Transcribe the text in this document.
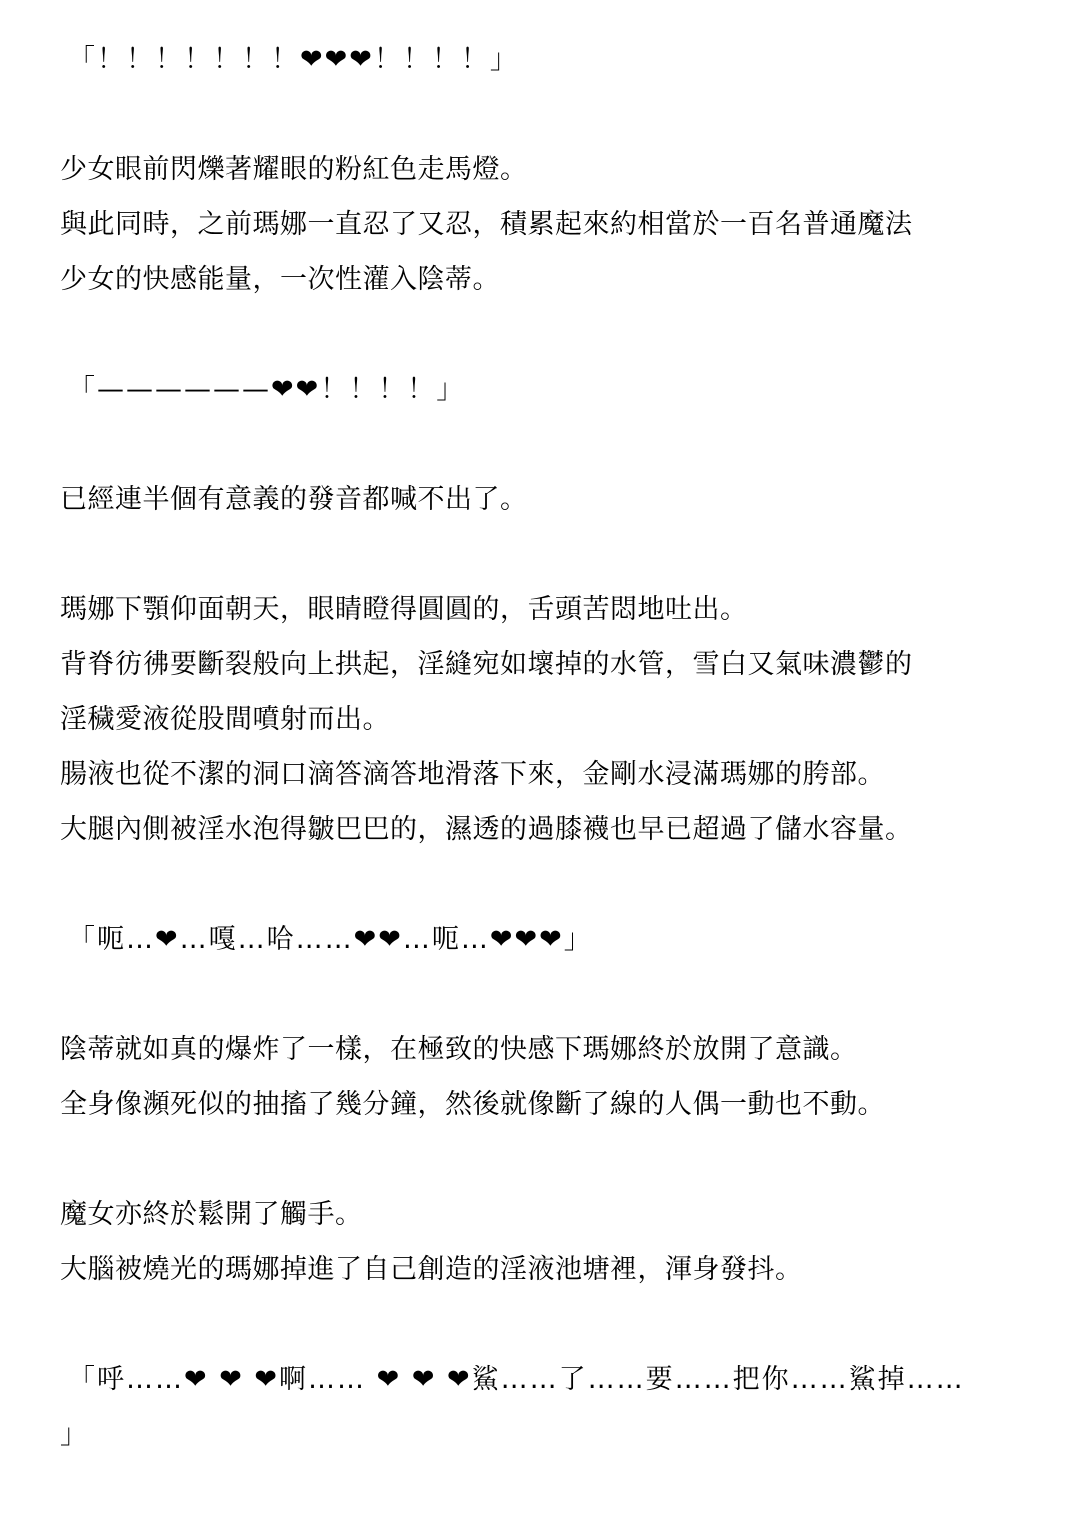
「！！！！！！！❤❤❤！！！！」
少女眼前閃爍著耀眼的粉紅色走馬燈。
與此同時，之前瑪娜一直忍了又忍，積累起來約相當於一百名普通魔法
少女的快感能量，一次性灌入陰蒂。
「——————❤❤！！！！」
已經連半個有意義的發音都喊不出了。
瑪娜下顎仰面朝天，眼睛瞪得圓圓的，舌頭苦悶地吐出。
背脊彷彿要斷裂般向上拱起，淫縫宛如壞掉的水管，雪白又氣味濃鬱的
淫穢愛液從股間噴射而出。
腸液也從不潔的洞口滴答滴答地滑落下來，金剛水浸滿瑪娜的胯部。
大腿內側被淫水泡得皺巴巴的，濕透的過膝襪也早已超過了儲水容量。
「呃…❤…嘎…哈……❤❤…呃…❤❤❤」
陰蒂就如真的爆炸了一樣，在極致的快感下瑪娜終於放開了意識。
全身像瀕死似的抽搐了幾分鐘，然後就像斷了線的人偶一動也不動。
魔女亦終於鬆開了觸手。
大腦被燒光的瑪娜掉進了自己創造的淫液池塘裡，渾身發抖。
「呼……❤ ❤ ❤啊…… ❤ ❤ ❤鯊……了……要……把你……鯊掉……
」
